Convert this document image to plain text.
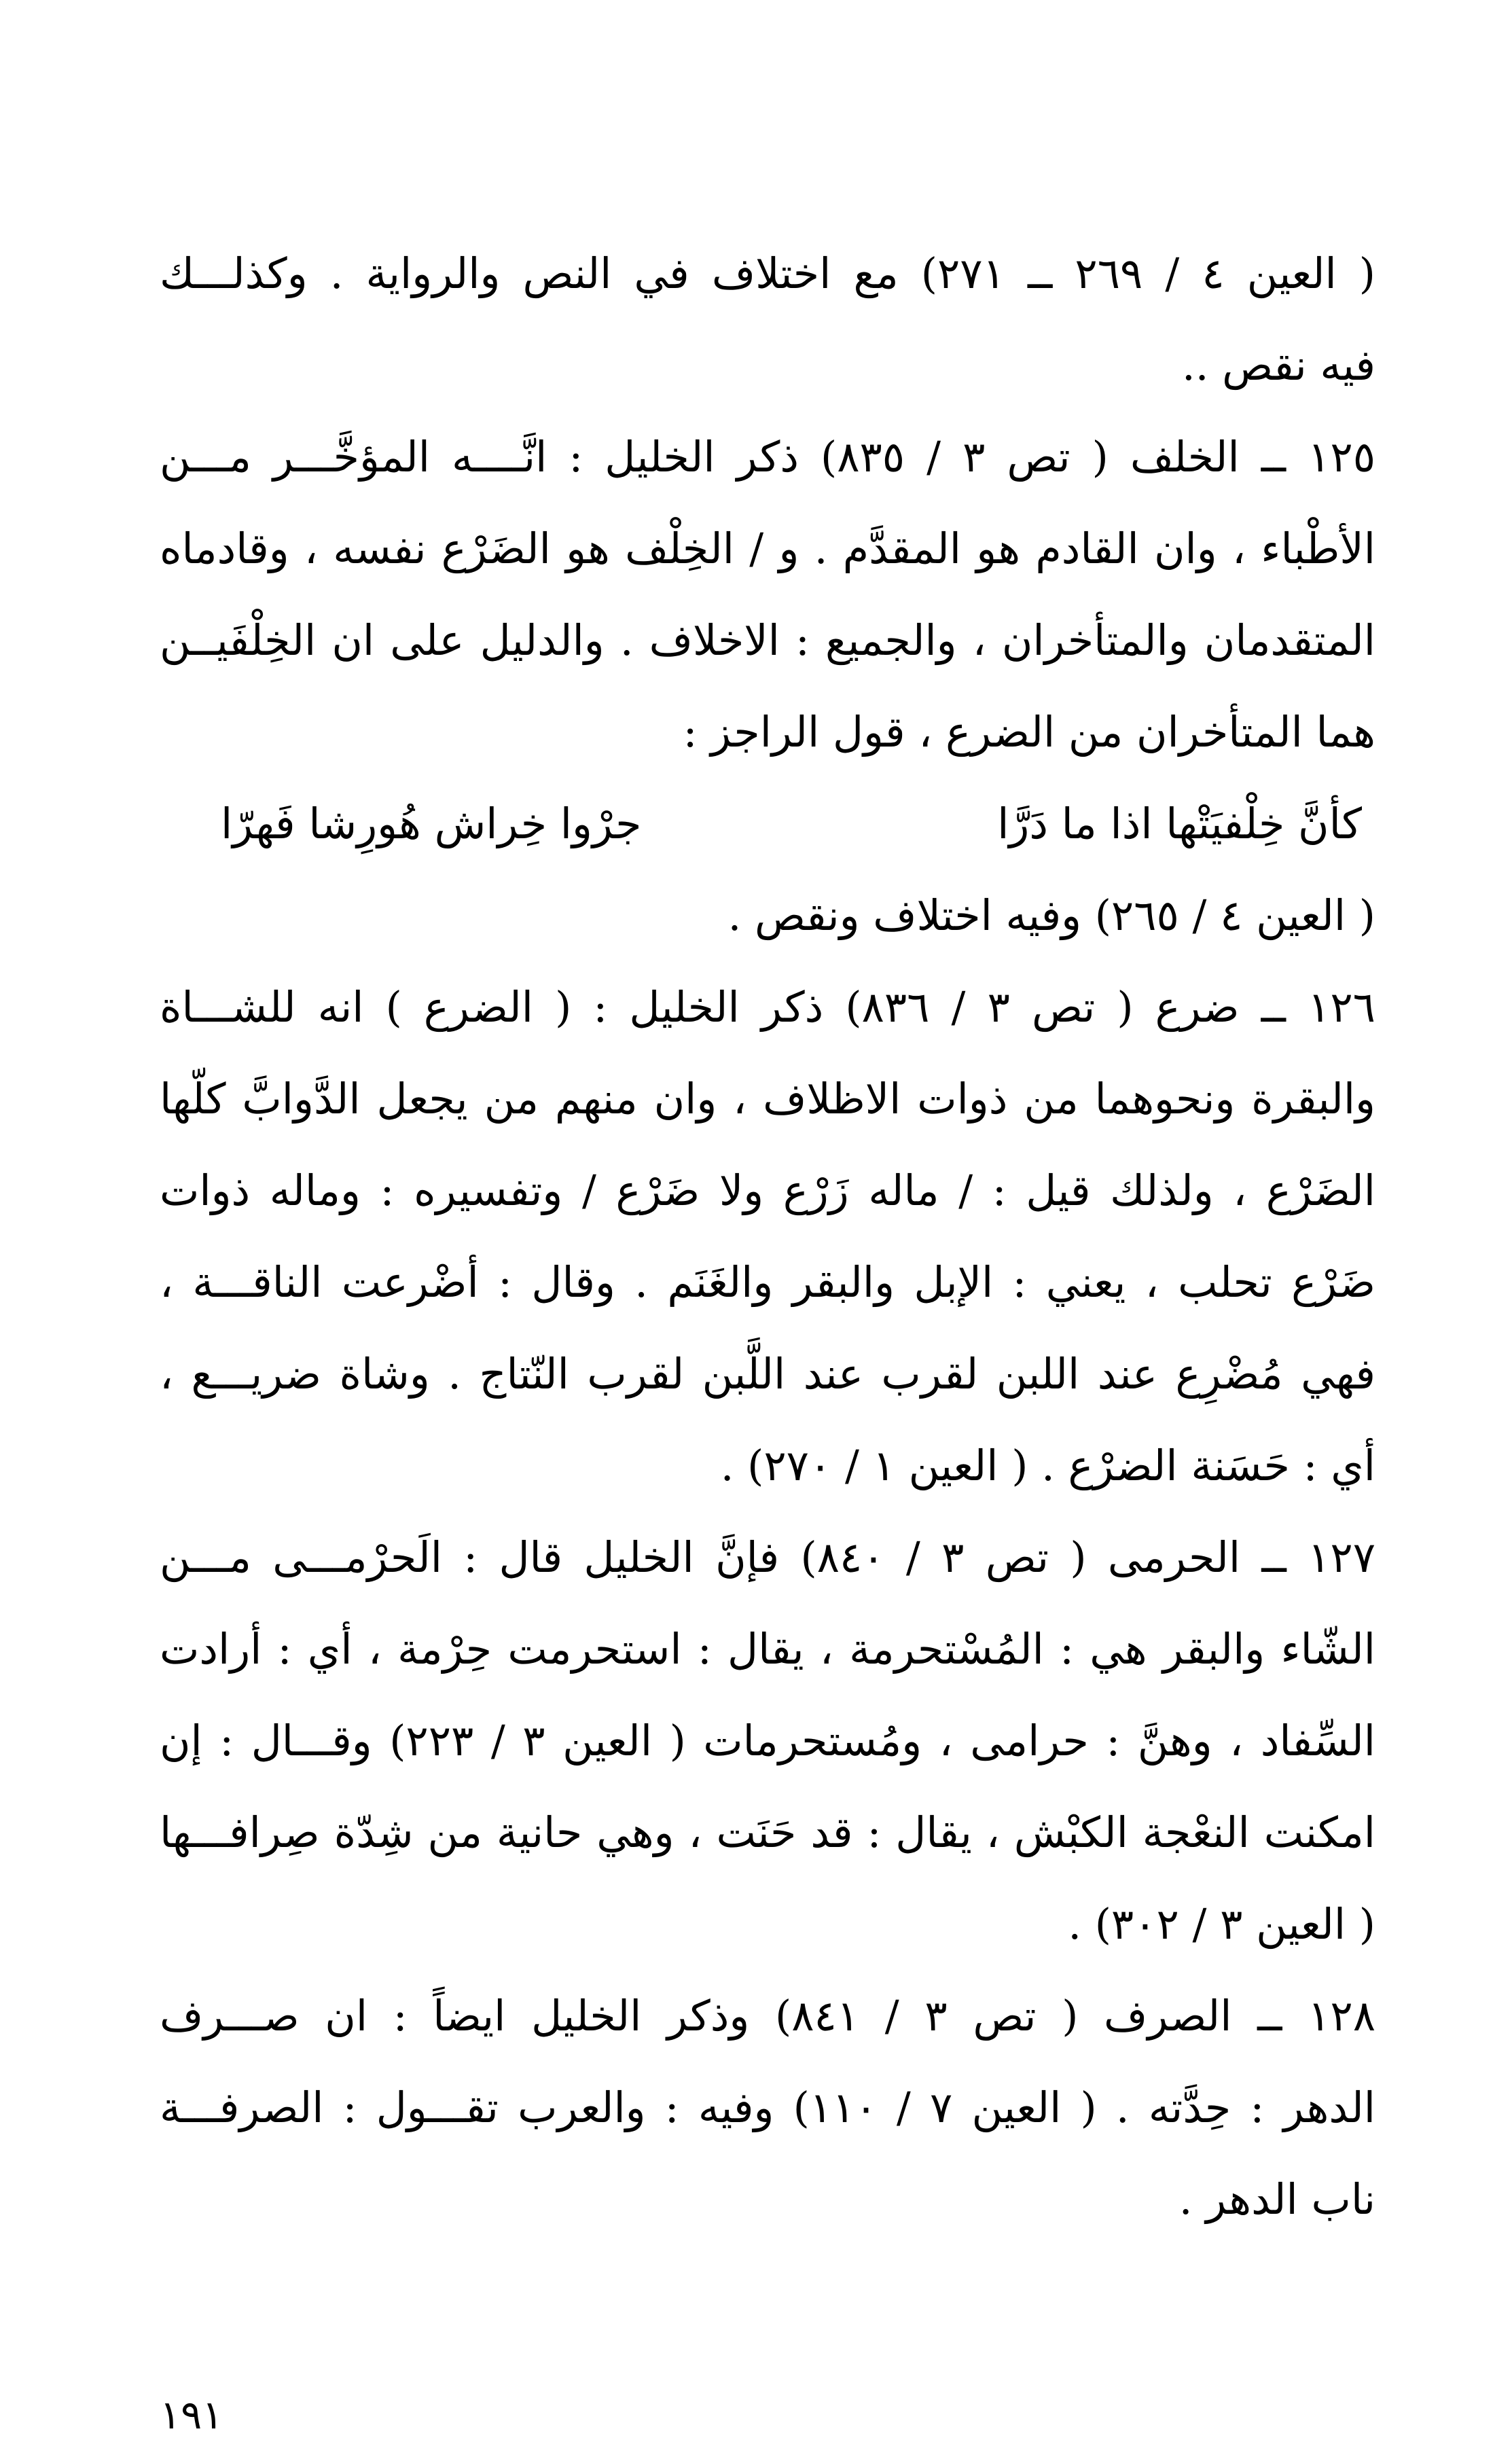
( العين ٤ / ٢٦٩ ــ ٢٧١) مع اختلاف في النص والرواية . وكذلـــك
فيه نقص ..
١٢٥ ــ الخلف ( تص ٣ / ٨٣٥) ذكر الخليل : انَّــــه المؤخَّـــر مـــن
الأطْباء ، وان القادم هو المقدَّم . و / الخِلْف هو الضَرْع نفسه ، وقادماه
المتقدمان والمتأخران ، والجميع : الاخلاف . والدليل على ان الخِلْفَيــن
هما المتأخران من الضرع ، قول الراجز :
كأنَّ خِلْفيَتْها اذا ما دَرَّا
جرْوا خِراش هُورِشا فَهرّا
( العين ٤ / ٢٦٥) وفيه اختلاف ونقص .
١٢٦ ــ ضرع ( تص ٣ / ٨٣٦) ذكر الخليل : ( الضرع ) انه للشـــاة
والبقرة ونحوهما من ذوات الاظلاف ، وان منهم من يجعل الدَّوابَّ كلّها
الضَرْع ، ولذلك قيل : / ماله زَرْع ولا ضَرْع / وتفسيره : وماله ذوات
ضَرْع تحلب ، يعني : الإبل والبقر والغَنَم . وقال : أضْرعت الناقـــة ،
فهي مُضْرِع عند اللبن لقرب عند اللَّبن لقرب النّتاج . وشاة ضريـــع ،
أي : حَسَنة الضرْع . ( العين ١ / ٢٧٠) .
١٢٧ ــ الحرمى ( تص ٣ / ٨٤٠) فإنَّ الخليل قال : الَحرْمـــى مـــن
الشّاء والبقر هي : المُسْتحرمة ، يقال : استحرمت حِرْمة ، أي : أرادت
السِّفاد ، وهنَّ : حرامى ، ومُستحرمات ( العين ٣ / ٢٢٣) وقـــال : إن
امكنت النعْجة الكبْش ، يقال : قد حَنَت ، وهي حانية من شِدّة صِرافـــها
( العين ٣ / ٣٠٢) .
١٢٨ ــ الصرف ( تص ٣ / ٨٤١) وذكر الخليل ايضاً : ان صـــرف
الدهر : حِدَّته . ( العين ٧ / ١١٠) وفيه : والعرب تقـــول : الصرفـــة
ناب الدهر .
١٩١
